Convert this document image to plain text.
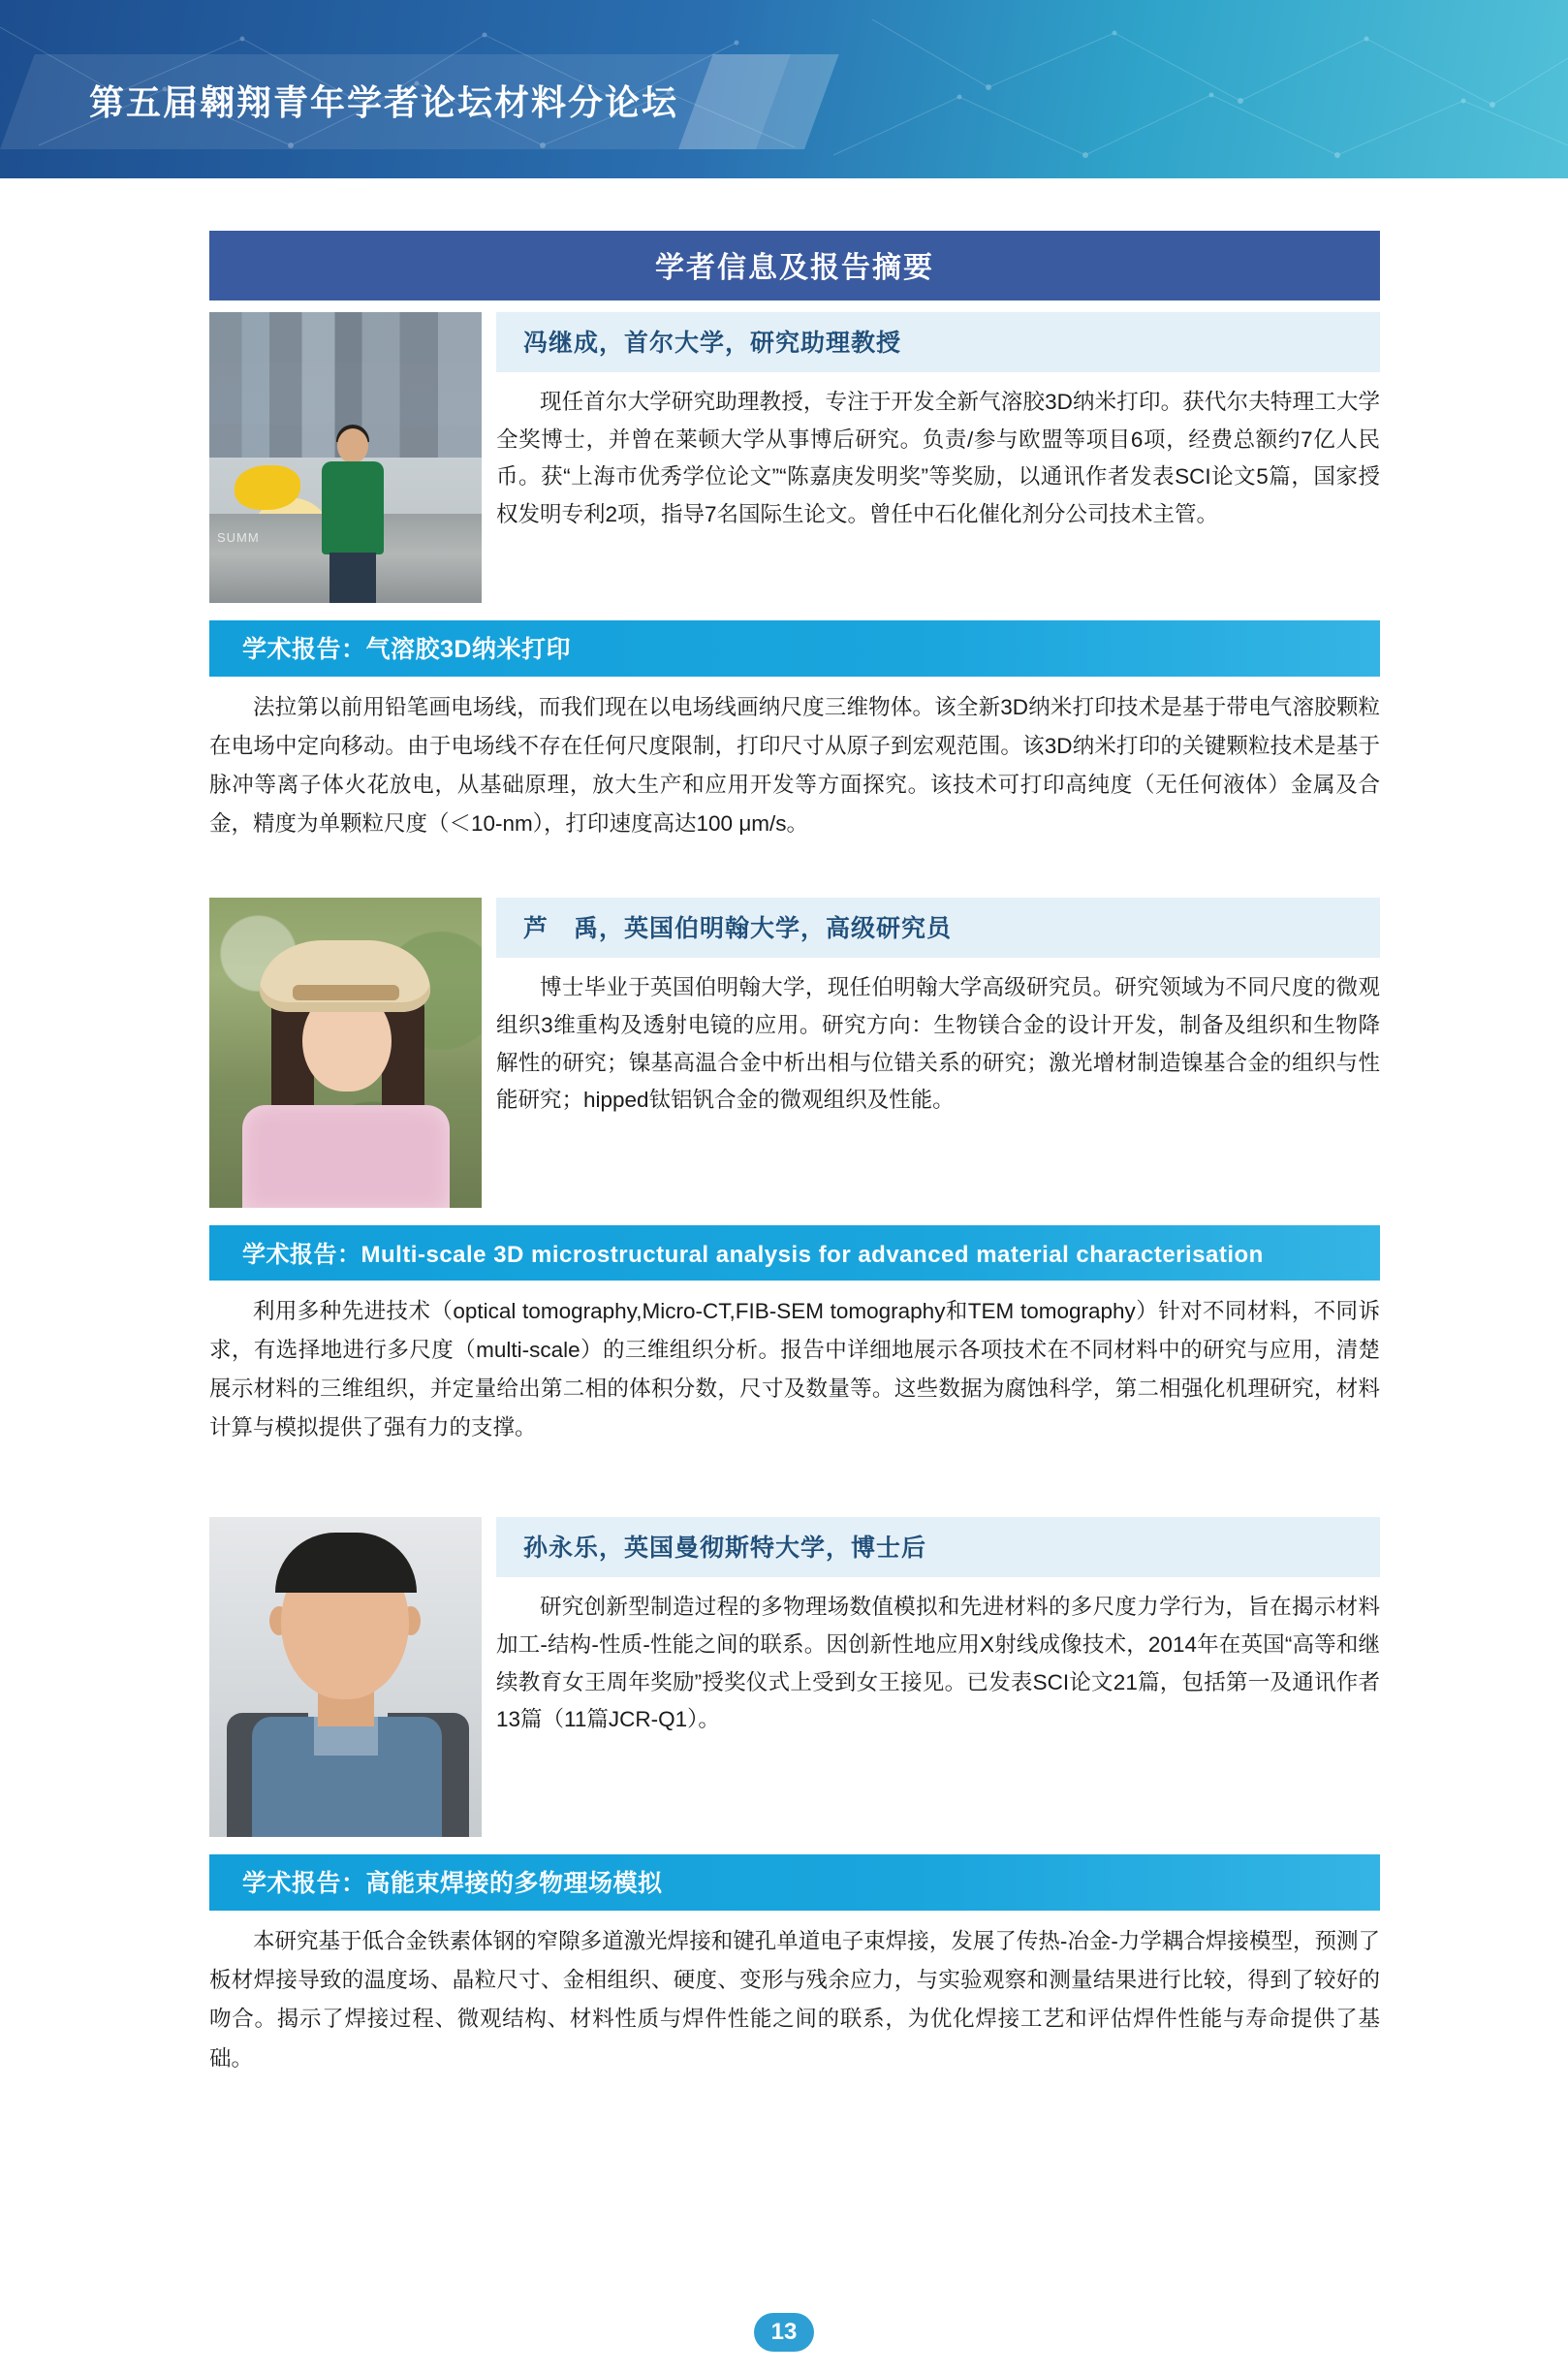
第五届翱翔青年学者论坛材料分论坛
学者信息及报告摘要
SUMM
冯继成，首尔大学，研究助理教授
现任首尔大学研究助理教授，专注于开发全新气溶胶3D纳米打印。获代尔夫特理工大学全奖博士，并曾在莱顿大学从事博后研究。负责/参与欧盟等项目6项，经费总额约7亿人民币。获“上海市优秀学位论文”“陈嘉庚发明奖”等奖励，以通讯作者发表SCI论文5篇，国家授权发明专利2项，指导7名国际生论文。曾任中石化催化剂分公司技术主管。
学术报告：气溶胶3D纳米打印
法拉第以前用铅笔画电场线，而我们现在以电场线画纳尺度三维物体。该全新3D纳米打印技术是基于带电气溶胶颗粒在电场中定向移动。由于电场线不存在任何尺度限制，打印尺寸从原子到宏观范围。该3D纳米打印的关键颗粒技术是基于脉冲等离子体火花放电，从基础原理，放大生产和应用开发等方面探究。该技术可打印高纯度（无任何液体）金属及合金，精度为单颗粒尺度（＜10-nm），打印速度高达100 μm/s。
芦　禹，英国伯明翰大学，高级研究员
博士毕业于英国伯明翰大学，现任伯明翰大学高级研究员。研究领域为不同尺度的微观组织3维重构及透射电镜的应用。研究方向：生物镁合金的设计开发，制备及组织和生物降解性的研究；镍基高温合金中析出相与位错关系的研究；激光增材制造镍基合金的组织与性能研究；hipped钛铝钒合金的微观组织及性能。
学术报告：Multi-scale 3D microstructural analysis for advanced material characterisation
利用多种先进技术（optical tomography,Micro-CT,FIB-SEM tomography和TEM tomography）针对不同材料，不同诉求，有选择地进行多尺度（multi-scale）的三维组织分析。报告中详细地展示各项技术在不同材料中的研究与应用，清楚展示材料的三维组织，并定量给出第二相的体积分数，尺寸及数量等。这些数据为腐蚀科学，第二相强化机理研究，材料计算与模拟提供了强有力的支撑。
孙永乐，英国曼彻斯特大学，博士后
研究创新型制造过程的多物理场数值模拟和先进材料的多尺度力学行为，旨在揭示材料加工-结构-性质-性能之间的联系。因创新性地应用X射线成像技术，2014年在英国“高等和继续教育女王周年奖励”授奖仪式上受到女王接见。已发表SCI论文21篇，包括第一及通讯作者13篇（11篇JCR-Q1）。
学术报告：高能束焊接的多物理场模拟
本研究基于低合金铁素体钢的窄隙多道激光焊接和键孔单道电子束焊接，发展了传热-冶金-力学耦合焊接模型，预测了板材焊接导致的温度场、晶粒尺寸、金相组织、硬度、变形与残余应力，与实验观察和测量结果进行比较，得到了较好的吻合。揭示了焊接过程、微观结构、材料性质与焊件性能之间的联系，为优化焊接工艺和评估焊件性能与寿命提供了基础。
13
